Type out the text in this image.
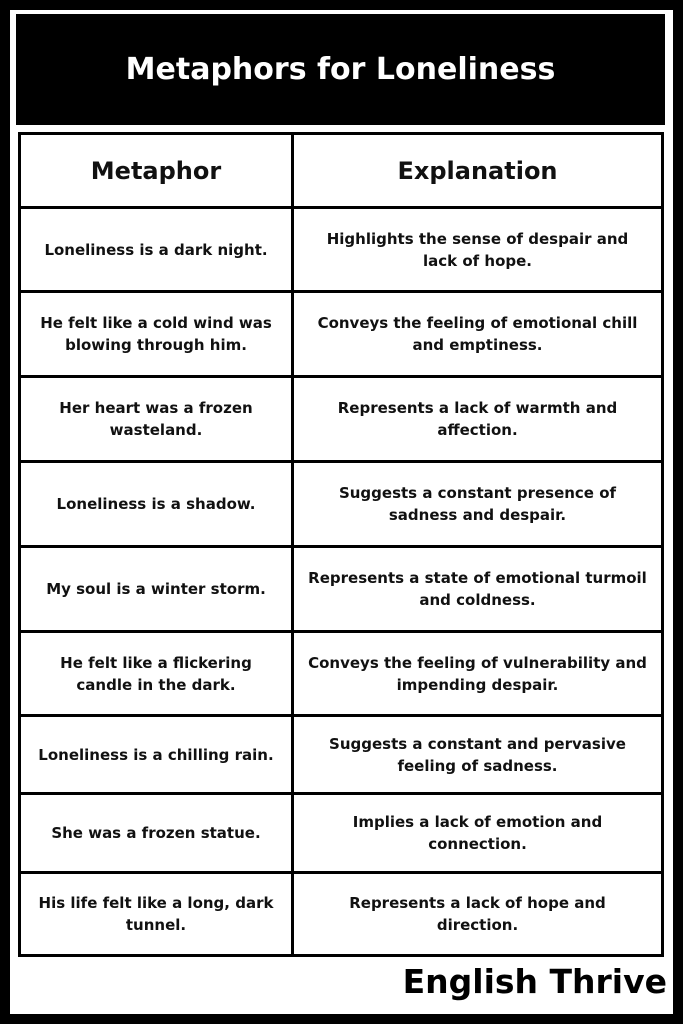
Metaphors for Loneliness
Metaphor	Explanation
Loneliness is a dark night.
Highlights the sense of despair and lack of hope.
He felt like a cold wind was blowing through him.
Conveys the feeling of emotional chill and emptiness.
Her heart was a frozen wasteland.
Represents a lack of warmth and affection.
Loneliness is a shadow.
Suggests a constant presence of sadness and despair.
My soul is a winter storm.
Represents a state of emotional turmoil and coldness.
He felt like a flickering candle in the dark.
Conveys the feeling of vulnerability and impending despair.
Loneliness is a chilling rain.
Suggests a constant and pervasive feeling of sadness.
She was a frozen statue.
Implies a lack of emotion and connection.
His life felt like a long, dark tunnel.
Represents a lack of hope and direction.
English Thrive
